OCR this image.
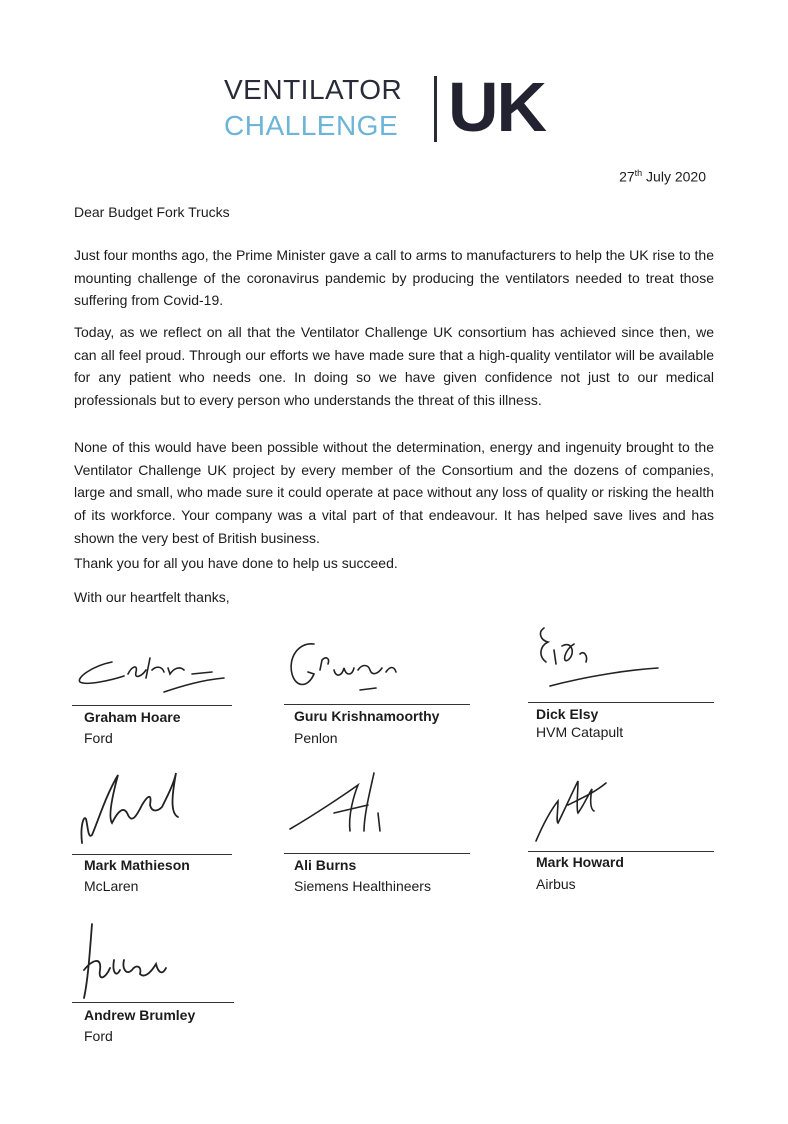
VENTILATOR
CHALLENGE UK
27th July 2020
Dear Budget Fork Trucks

Just four months ago, the Prime Minister gave a call to arms to manufacturers to help the UK rise to the mounting challenge of the coronavirus pandemic by producing the ventilators needed to treat those suffering from Covid-19.

Today, as we reflect on all that the Ventilator Challenge UK consortium has achieved since then, we can all feel proud. Through our efforts we have made sure that a high-quality ventilator will be available for any patient who needs one. In doing so we have given confidence not just to our medical professionals but to every person who understands the threat of this illness.

None of this would have been possible without the determination, energy and ingenuity brought to the Ventilator Challenge UK project by every member of the Consortium and the dozens of companies, large and small, who made sure it could operate at pace without any loss of quality or risking the health of its workforce. Your company was a vital part of that endeavour. It has helped save lives and has shown the very best of British business.

Thank you for all you have done to help us succeed.
With our heartfelt thanks,
Graham Hoare
Ford
Guru Krishnamoorthy
Penlon
Dick Elsy
HVM Catapult
Mark Mathieson
McLaren
Ali Burns
Siemens Healthineers
Mark Howard
Airbus
Andrew Brumley
Ford
